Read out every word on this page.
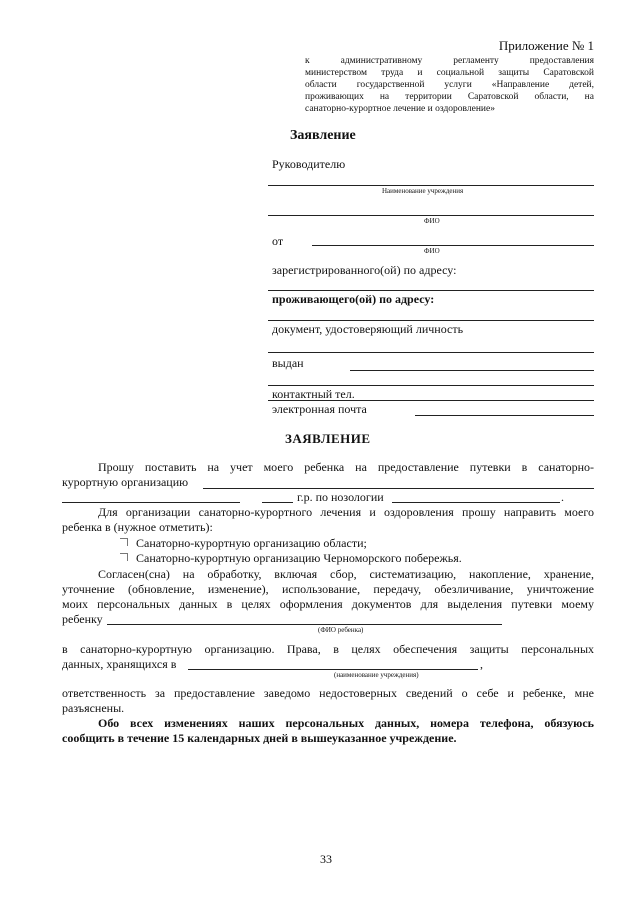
Приложение № 1
к административному регламенту предоставления
министерством труда и социальной защиты Саратовской
области государственной услуги «Направление детей,
проживающих на территории Саратовской области, на
санаторно-курортное лечение и оздоровление»
Заявление
Руководителю
Наименование учреждения
ФИО
от
ФИО
зарегистрированного(ой) по адресу:
проживающего(ой) по адресу:
документ, удостоверяющий личность
выдан
контактный тел.
электронная почта
ЗАЯВЛЕНИЕ
Прошу поставить на учет моего ребенка на предоставление путевки в санаторно-
курортную организацию
г.р. по нозологии	.
Для организации санаторно-курортного лечения и оздоровления прошу направить моего
ребенка в (нужное отметить):
Санаторно-курортную организацию области;
Санаторно-курортную организацию Черноморского побережья.
Согласен(сна) на обработку, включая сбор, систематизацию, накопление, хранение,
уточнение (обновление, изменение), использование, передачу, обезличивание, уничтожение
моих персональных данных в целях оформления документов для выделения путевки моему
ребенку
(ФИО ребенка)
в санаторно-курортную организацию. Права, в целях обеспечения защиты персональных
данных, хранящихся в	,
(наименование учреждения)
ответственность за предоставление заведомо недостоверных сведений о себе и ребенке, мне
разъяснены.
Обо всех изменениях наших персональных данных, номера телефона, обязуюсь
сообщить в течение 15 календарных дней в вышеуказанное учреждение.
33
